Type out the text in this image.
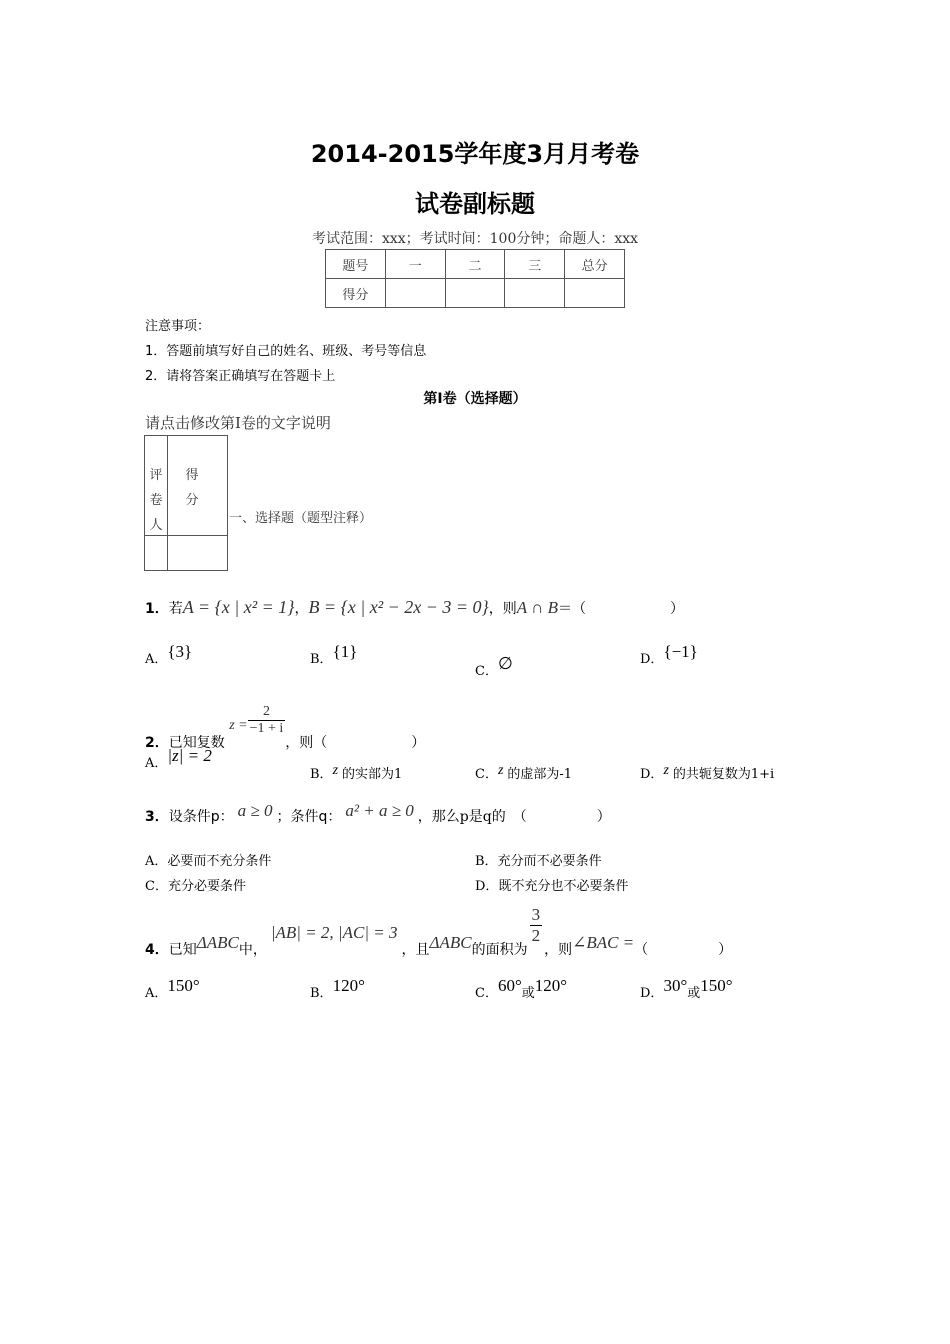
2014-2015学年度3月月考卷
试卷副标题
考试范围：xxx；考试时间：100分钟；命题人：xxx
题号	一	二	三	总分
得分				
注意事项：
1．答题前填写好自己的姓名、班级、考号等信息
2．请将答案正确填写在答题卡上
第I卷（选择题）
请点击修改第I卷的文字说明
评卷人
得分
一、选择题（题型注释）
1．若A = {x | x² = 1}，B = {x | x² − 2x − 3 = 0}，则A ∩ B＝（　　　　　　）
A．{3}	B．{1}
C．∅	D．{−1}
2．已知复数 $z = \frac{2}{-1 + i}$
，则（　　　　　　）
A．|z| = 2
B．z 的实部为1	C．z 的虚部为-1	D．z 的共轭复数为1+i
3．设条件p： a ≥ 0 ；条件q： a² + a ≥ 0 ，那么p是q的　（　　　　　）
A．必要而不充分条件	B．充分而不必要条件
C．充分必要条件	D．既不充分也不必要条件
4．已知ΔABC中，|AB| = 2, |AC| = 3，且ΔABC的面积为
$\frac{3}{2}$
，则∠BAC =（　　　　　）
A．150°	B．120°	C．60°或120°	D．30°或150°
